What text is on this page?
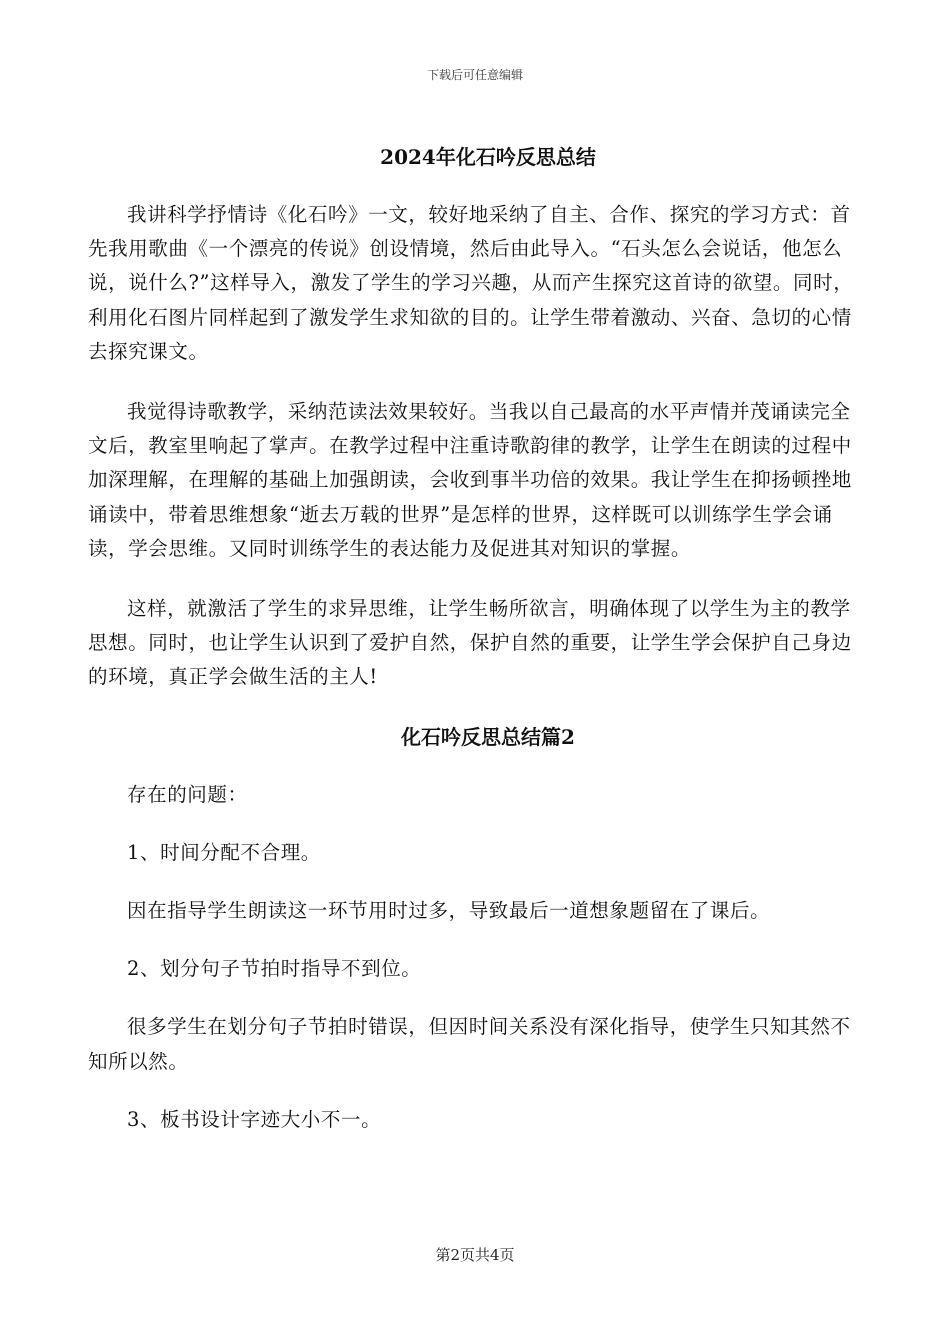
下载后可任意编辑
2024年化石吟反思总结

我讲科学抒情诗《化石吟》一文，较好地采纳了自主、合作、探究的学习方式：首先我用歌曲《一个漂亮的传说》创设情境，然后由此导入。“石头怎么会说话，他怎么说，说什么?”这样导入，激发了学生的学习兴趣，从而产生探究这首诗的欲望。同时，利用化石图片同样起到了激发学生求知欲的目的。让学生带着激动、兴奋、急切的心情去探究课文。

我觉得诗歌教学，采纳范读法效果较好。当我以自己最高的水平声情并茂诵读完全文后，教室里响起了掌声。在教学过程中注重诗歌韵律的教学，让学生在朗读的过程中加深理解，在理解的基础上加强朗读，会收到事半功倍的效果。我让学生在抑扬顿挫地诵读中，带着思维想象“逝去万载的世界”是怎样的世界，这样既可以训练学生学会诵读，学会思维。又同时训练学生的表达能力及促进其对知识的掌握。

这样，就激活了学生的求异思维，让学生畅所欲言，明确体现了以学生为主的教学思想。同时，也让学生认识到了爱护自然，保护自然的重要，让学生学会保护自己身边的环境，真正学会做生活的主人!

化石吟反思总结篇2

存在的问题：

1、时间分配不合理。

因在指导学生朗读这一环节用时过多，导致最后一道想象题留在了课后。

2、划分句子节拍时指导不到位。

很多学生在划分句子节拍时错误，但因时间关系没有深化指导，使学生只知其然不知所以然。

3、板书设计字迹大小不一。

第2页共4页
